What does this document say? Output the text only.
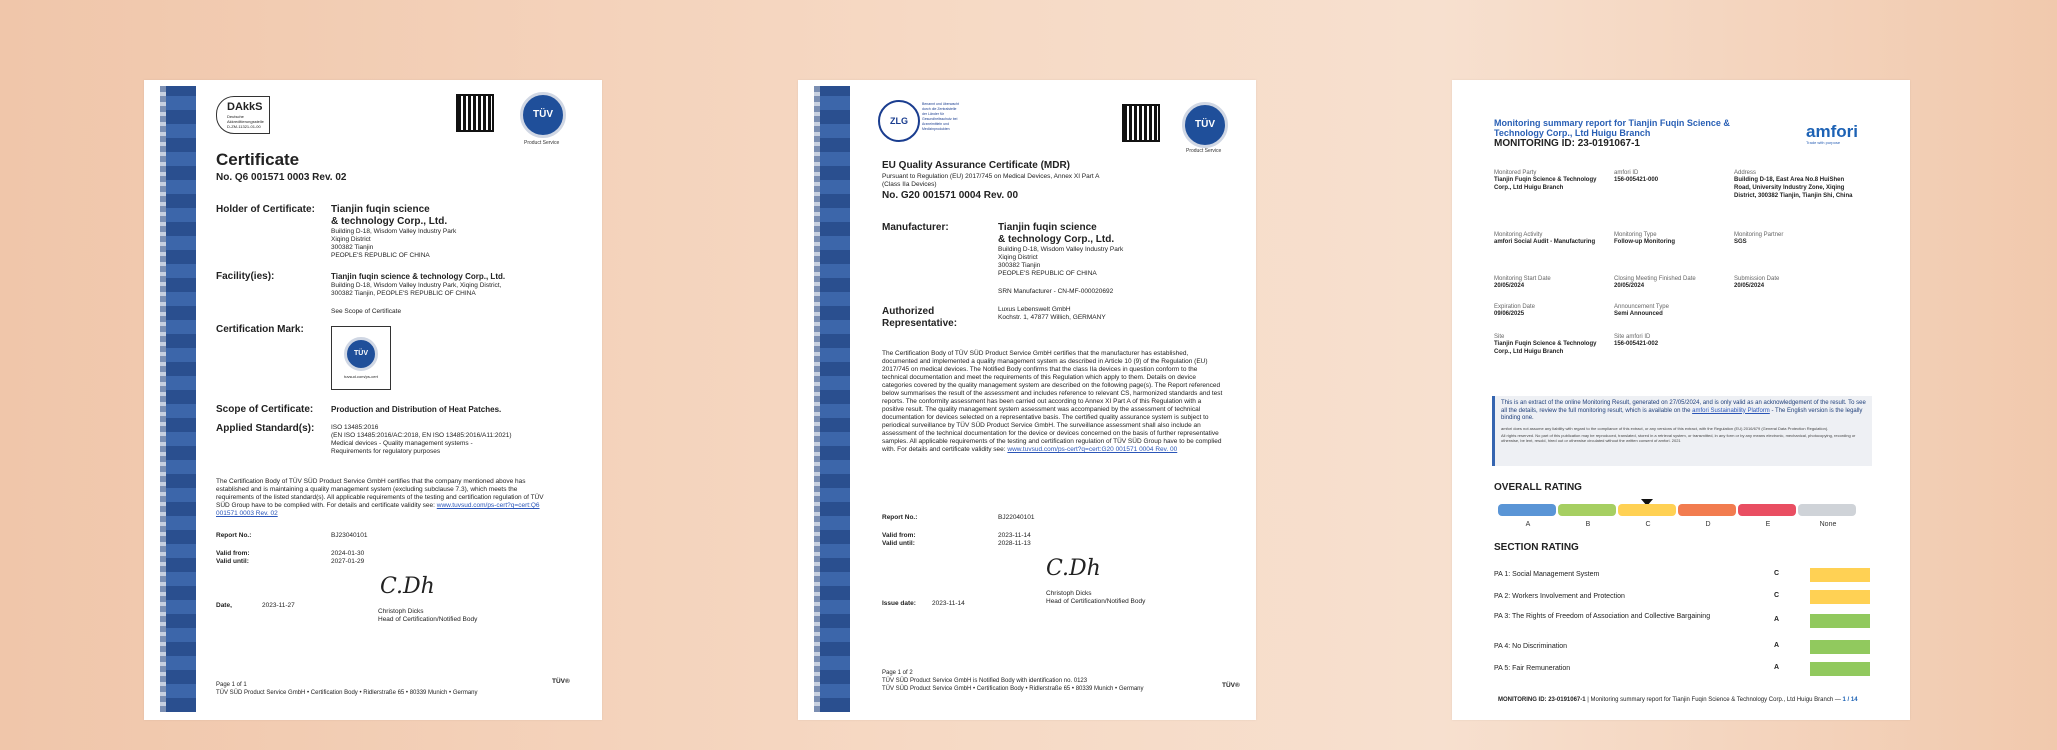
ZERTIFIKAT ◆ CERTIFICATE ◆ СЕРТИФИКАТ ◆ CERTIFICADO ◆ CERTIFICAT
DAkkS
Deutsche Akkreditierungsstelle D-ZM-11321-01-00
TÜV
Product Service
Certificate
No. Q6 001571 0003 Rev. 02
Holder of Certificate: Tianjin fuqin science
& technology Corp., Ltd.
Building D-18, Wisdom Valley Industry Park
Xiqing District
300382 Tianjin
PEOPLE'S REPUBLIC OF CHINA
Facility(ies):	Tianjin fuqin science & technology Corp., Ltd.
Building D-18, Wisdom Valley Industry Park, Xiqing District,
300382 Tianjin, PEOPLE'S REPUBLIC OF CHINA
See Scope of Certificate
Certification Mark:
TÜV
tuvsud.com/ps-cert
Scope of Certificate: Production and Distribution of Heat Patches.
Applied Standard(s):	ISO 13485:2016
(EN ISO 13485:2016/AC:2018, EN ISO 13485:2016/A11:2021)
Medical devices - Quality management systems -
Requirements for regulatory purposes
The Certification Body of TÜV SÜD Product Service GmbH certifies that the company mentioned above has established and is maintaining a quality management system (excluding subclause 7.3), which meets the requirements of the listed standard(s). All applicable requirements of the testing and certification regulation of TÜV SÜD Group have to be complied with. For details and certificate validity see: www.tuvsud.com/ps-cert?q=cert:Q6 001571 0003 Rev. 02
Report No.:	BJ23040101
Valid from:	2024-01-30
Valid until:	2027-01-29
Date,	2023-11-27
C.Dh
Christoph Dicks
Head of Certification/Notified Body
Page 1 of 1
TÜV SÜD Product Service GmbH • Certification Body • Ridlerstraße 65 • 80339 Munich • Germany
TÜV®	ZERTIFIKAT ◆ CERTIFICATE ◆ СЕРТИФИКАТ ◆ CERTIFICADO ◆ CERTIFICAT	ZLG
Benannt und überwacht durch die Zentralstelle der Länder für Gesundheitsschutz bei Arzneimitteln und Medizinprodukten	TÜV
Product Service
EU Quality Assurance Certificate (MDR)
Pursuant to Regulation (EU) 2017/745 on Medical Devices, Annex XI Part A
(Class IIa Devices)
No. G20 001571 0004 Rev. 00
Manufacturer:	Tianjin fuqin science
& technology Corp., Ltd.
Building D-18, Wisdom Valley Industry Park
Xiqing District
300382 Tianjin
PEOPLE'S REPUBLIC OF CHINA
SRN Manufacturer - CN-MF-000020692
Authorized
Representative:
Luxus Lebenswelt GmbH
Kochstr. 1, 47877 Willich, GERMANY
The Certification Body of TÜV SÜD Product Service GmbH certifies that the manufacturer has established, documented and implemented a quality management system as described in Article 10 (9) of the Regulation (EU) 2017/745 on medical devices. The Notified Body confirms that the class IIa devices in question conform to the technical documentation and meet the requirements of this Regulation which apply to them. Details on device categories covered by the quality management system are described on the following page(s). The Report referenced below summarises the result of the assessment and includes reference to relevant CS, harmonized standards and test reports. The conformity assessment has been carried out according to Annex XI Part A of this Regulation with a positive result. The quality management system assessment was accompanied by the assessment of technical documentation for devices selected on a representative basis. The certified quality assurance system is subject to periodical surveillance by TÜV SÜD Product Service GmbH. The surveillance assessment shall also include an assessment of the technical documentation for the device or devices concerned on the basis of further representative samples. All applicable requirements of the testing and certification regulation of TÜV SÜD Group have to be complied with. For details and certificate validity see: www.tuvsud.com/ps-cert?q=cert:G20 001571 0004 Rev. 00
Report No.:	BJ22040101
Valid from:	2023-11-14
Valid until:	2028-11-13
C.Dh
Issue date: 2023-11-14
Christoph Dicks
Head of Certification/Notified Body
Page 1 of 2
TÜV SÜD Product Service GmbH is Notified Body with identification no. 0123
TÜV SÜD Product Service GmbH • Certification Body • Ridlerstraße 65 • 80339 Munich • Germany	TÜV®
Monitoring summary report for Tianjin Fuqin Science & Technology Corp., Ltd Huigu Branch
MONITORING ID: 23-0191067-1
amfori
Trade with purpose
Monitored Party
Tianjin Fuqin Science & Technology Corp., Ltd Huigu Branch
amfori ID
156-005421-000
Address
Building D-18, East Area No.8 HuiShen Road, University Industry Zone, Xiqing District, 300382 Tianjin, Tianjin Shi, China
Monitoring Activity
amfori Social Audit - Manufacturing
Monitoring Type
Follow-up Monitoring
Monitoring Partner
SGS
Monitoring Start Date
20/05/2024
Closing Meeting Finished Date
20/05/2024
Submission Date
20/05/2024
Expiration Date
09/06/2025
Announcement Type
Semi Announced
Site
Tianjin Fuqin Science & Technology Corp., Ltd Huigu Branch
Site amfori ID
156-005421-002
This is an extract of the online Monitoring Result, generated on 27/05/2024, and is only valid as an acknowledgement of the result. To see all the details, review the full monitoring result, which is available on the amfori Sustainability Platform - The English version is the legally binding one.
amfori does not assume any liability with regard to the compliance of this extract, or any versions of this extract, with the Regulation (EU) 2016/679 (General Data Protection Regulation).
All rights reserved. No part of this publication may be reproduced, translated, stored in a retrieval system, or transmitted, in any form or by any means electronic, mechanical, photocopying, recording or otherwise, be lent, resold, hired out or otherwise circulated without the written consent of amfori. 2021
OVERALL RATING
A	B	C	D	E	None
SECTION RATING
PA 1: Social Management System	C
PA 2: Workers Involvement and Protection	C
PA 3: The Rights of Freedom of Association and Collective Bargaining	A
PA 4: No Discrimination	A
PA 5: Fair Remuneration	A
MONITORING ID: 23-0191067-1 | Monitoring summary report for Tianjin Fuqin Science & Technology Corp., Ltd Huigu Branch — 1 / 14
